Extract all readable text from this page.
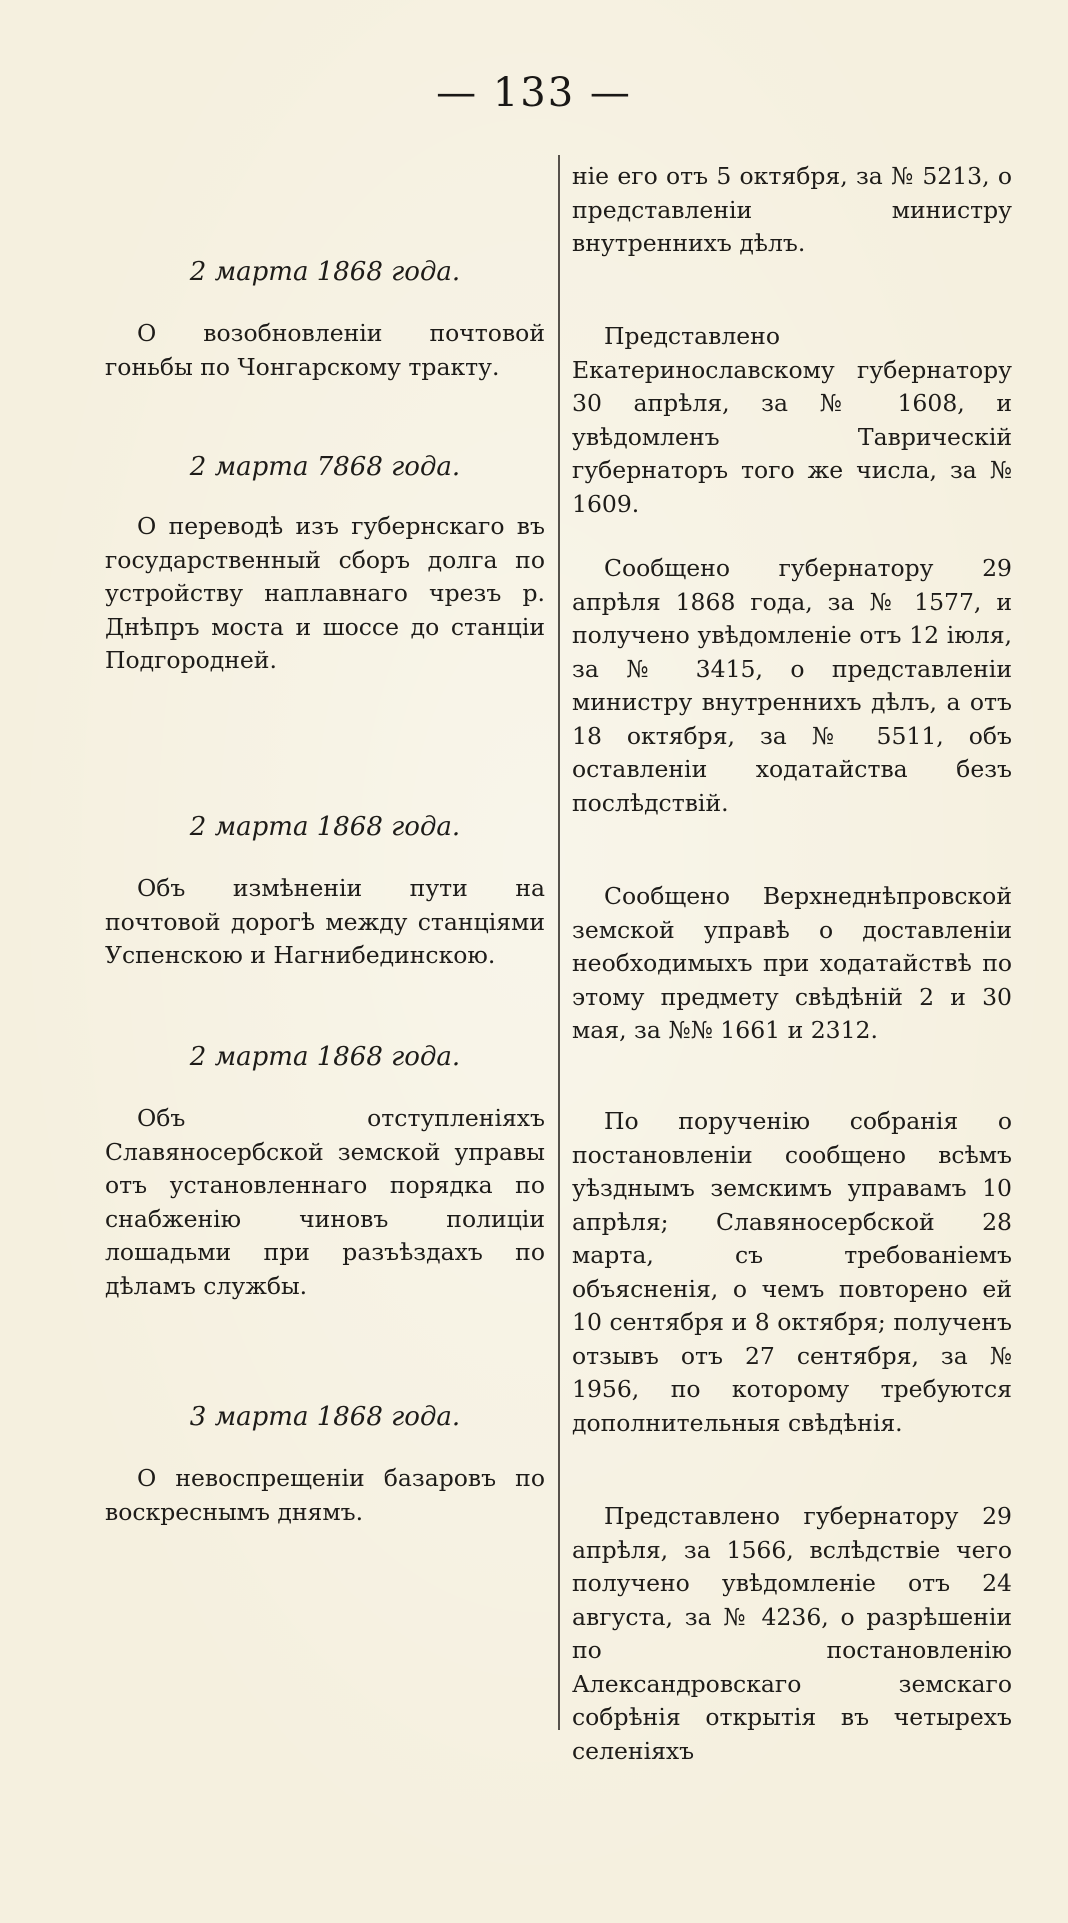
— 133 —

2 марта 1868 года.

О возобновленіи почтовой гоньбы по Чонгарскому тракту.

2 марта 7868 года.

О переводѣ изъ губернскаго въ государственный сборъ долга по устройству наплавнаго чрезъ р. Днѣпръ моста и шоссе до станціи Подгородней.

2 марта 1868 года.

Объ измѣненіи пути на почтовой дорогѣ между станціями Успенскою и Нагнибединскою.

2 марта 1868 года.

Объ отступленіяхъ Славяносербской земской управы отъ установленнаго порядка по снабженію чиновъ полиціи лошадьми при разъѣздахъ по дѣламъ службы.

3 марта 1868 года.

О невоспрещеніи базаровъ по воскреснымъ днямъ.

ніе его отъ 5 октября, за № 5213, о представленіи министру внутреннихъ дѣлъ.

Представлено Екатеринославскому губернатору 30 апрѣля, за № 1608, и увѣдомленъ Таврическій губернаторъ того же числа, за № 1609.

Сообщено губернатору 29 апрѣля 1868 года, за № 1577, и получено увѣдомленіе отъ 12 іюля, за № 3415, о представленіи министру внутреннихъ дѣлъ, а отъ 18 октября, за № 5511, объ оставленіи ходатайства безъ послѣдствій.

Сообщено Верхнеднѣпровской земской управѣ о доставленіи необходимыхъ при ходатайствѣ по этому предмету свѣдѣній 2 и 30 мая, за №№ 1661 и 2312.

По порученію собранія о постановленіи сообщено всѣмъ уѣзднымъ земскимъ управамъ 10 апрѣля; Славяносербской 28 марта, съ требованіемъ объясненія, о чемъ повторено ей 10 сентября и 8 октября; полученъ отзывъ отъ 27 сентября, за № 1956, по которому требуются дополнительныя свѣдѣнія.

Представлено губернатору 29 апрѣля, за 1566, вслѣдствіе чего получено увѣдомленіе отъ 24 августа, за № 4236, о разрѣшеніи по постановленію Александровскаго земскаго собрѣнія открытія въ четырехъ селеніяхъ
